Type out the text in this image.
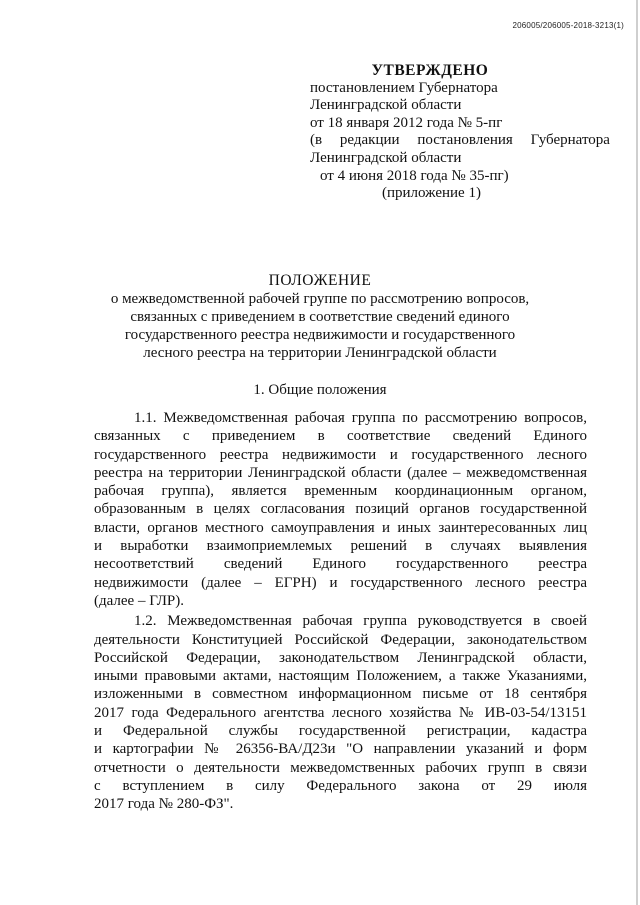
206005/206005-2018-3213(1)
УТВЕРЖДЕНО
постановлением Губернатора
Ленинградской области
от 18 января 2012 года № 5-пг
(в редакции постановления Губернатора
Ленинградской области
от 4 июня 2018 года № 35-пг)
(приложение 1)
ПОЛОЖЕНИЕ
о межведомственной рабочей группе по рассмотрению вопросов,
связанных с приведением в соответствие сведений единого
государственного реестра недвижимости и государственного
лесного реестра на территории Ленинградской области
1. Общие положения
1.1. Межведомственная рабочая группа по рассмотрению вопросов,
связанных с приведением в соответствие сведений Единого
государственного реестра недвижимости и государственного лесного
реестра на территории Ленинградской области (далее – межведомственная
рабочая группа), является временным координационным органом,
образованным в целях согласования позиций органов государственной
власти, органов местного самоуправления и иных заинтересованных лиц
и выработки взаимоприемлемых решений в случаях выявления
несоответствий сведений Единого государственного реестра
недвижимости (далее – ЕГРН) и государственного лесного реестра
(далее – ГЛР).
1.2. Межведомственная рабочая группа руководствуется в своей
деятельности Конституцией Российской Федерации, законодательством
Российской Федерации, законодательством Ленинградской области,
иными правовыми актами, настоящим Положением, а также Указаниями,
изложенными в совместном информационном письме от 18 сентября
2017 года Федерального агентства лесного хозяйства № ИВ-03-54/13151
и Федеральной службы государственной регистрации, кадастра
и картографии № 26356-ВА/Д23и "О направлении указаний и форм
отчетности о деятельности межведомственных рабочих групп в связи
с вступлением в силу Федерального закона от 29 июля
2017 года № 280-ФЗ".
